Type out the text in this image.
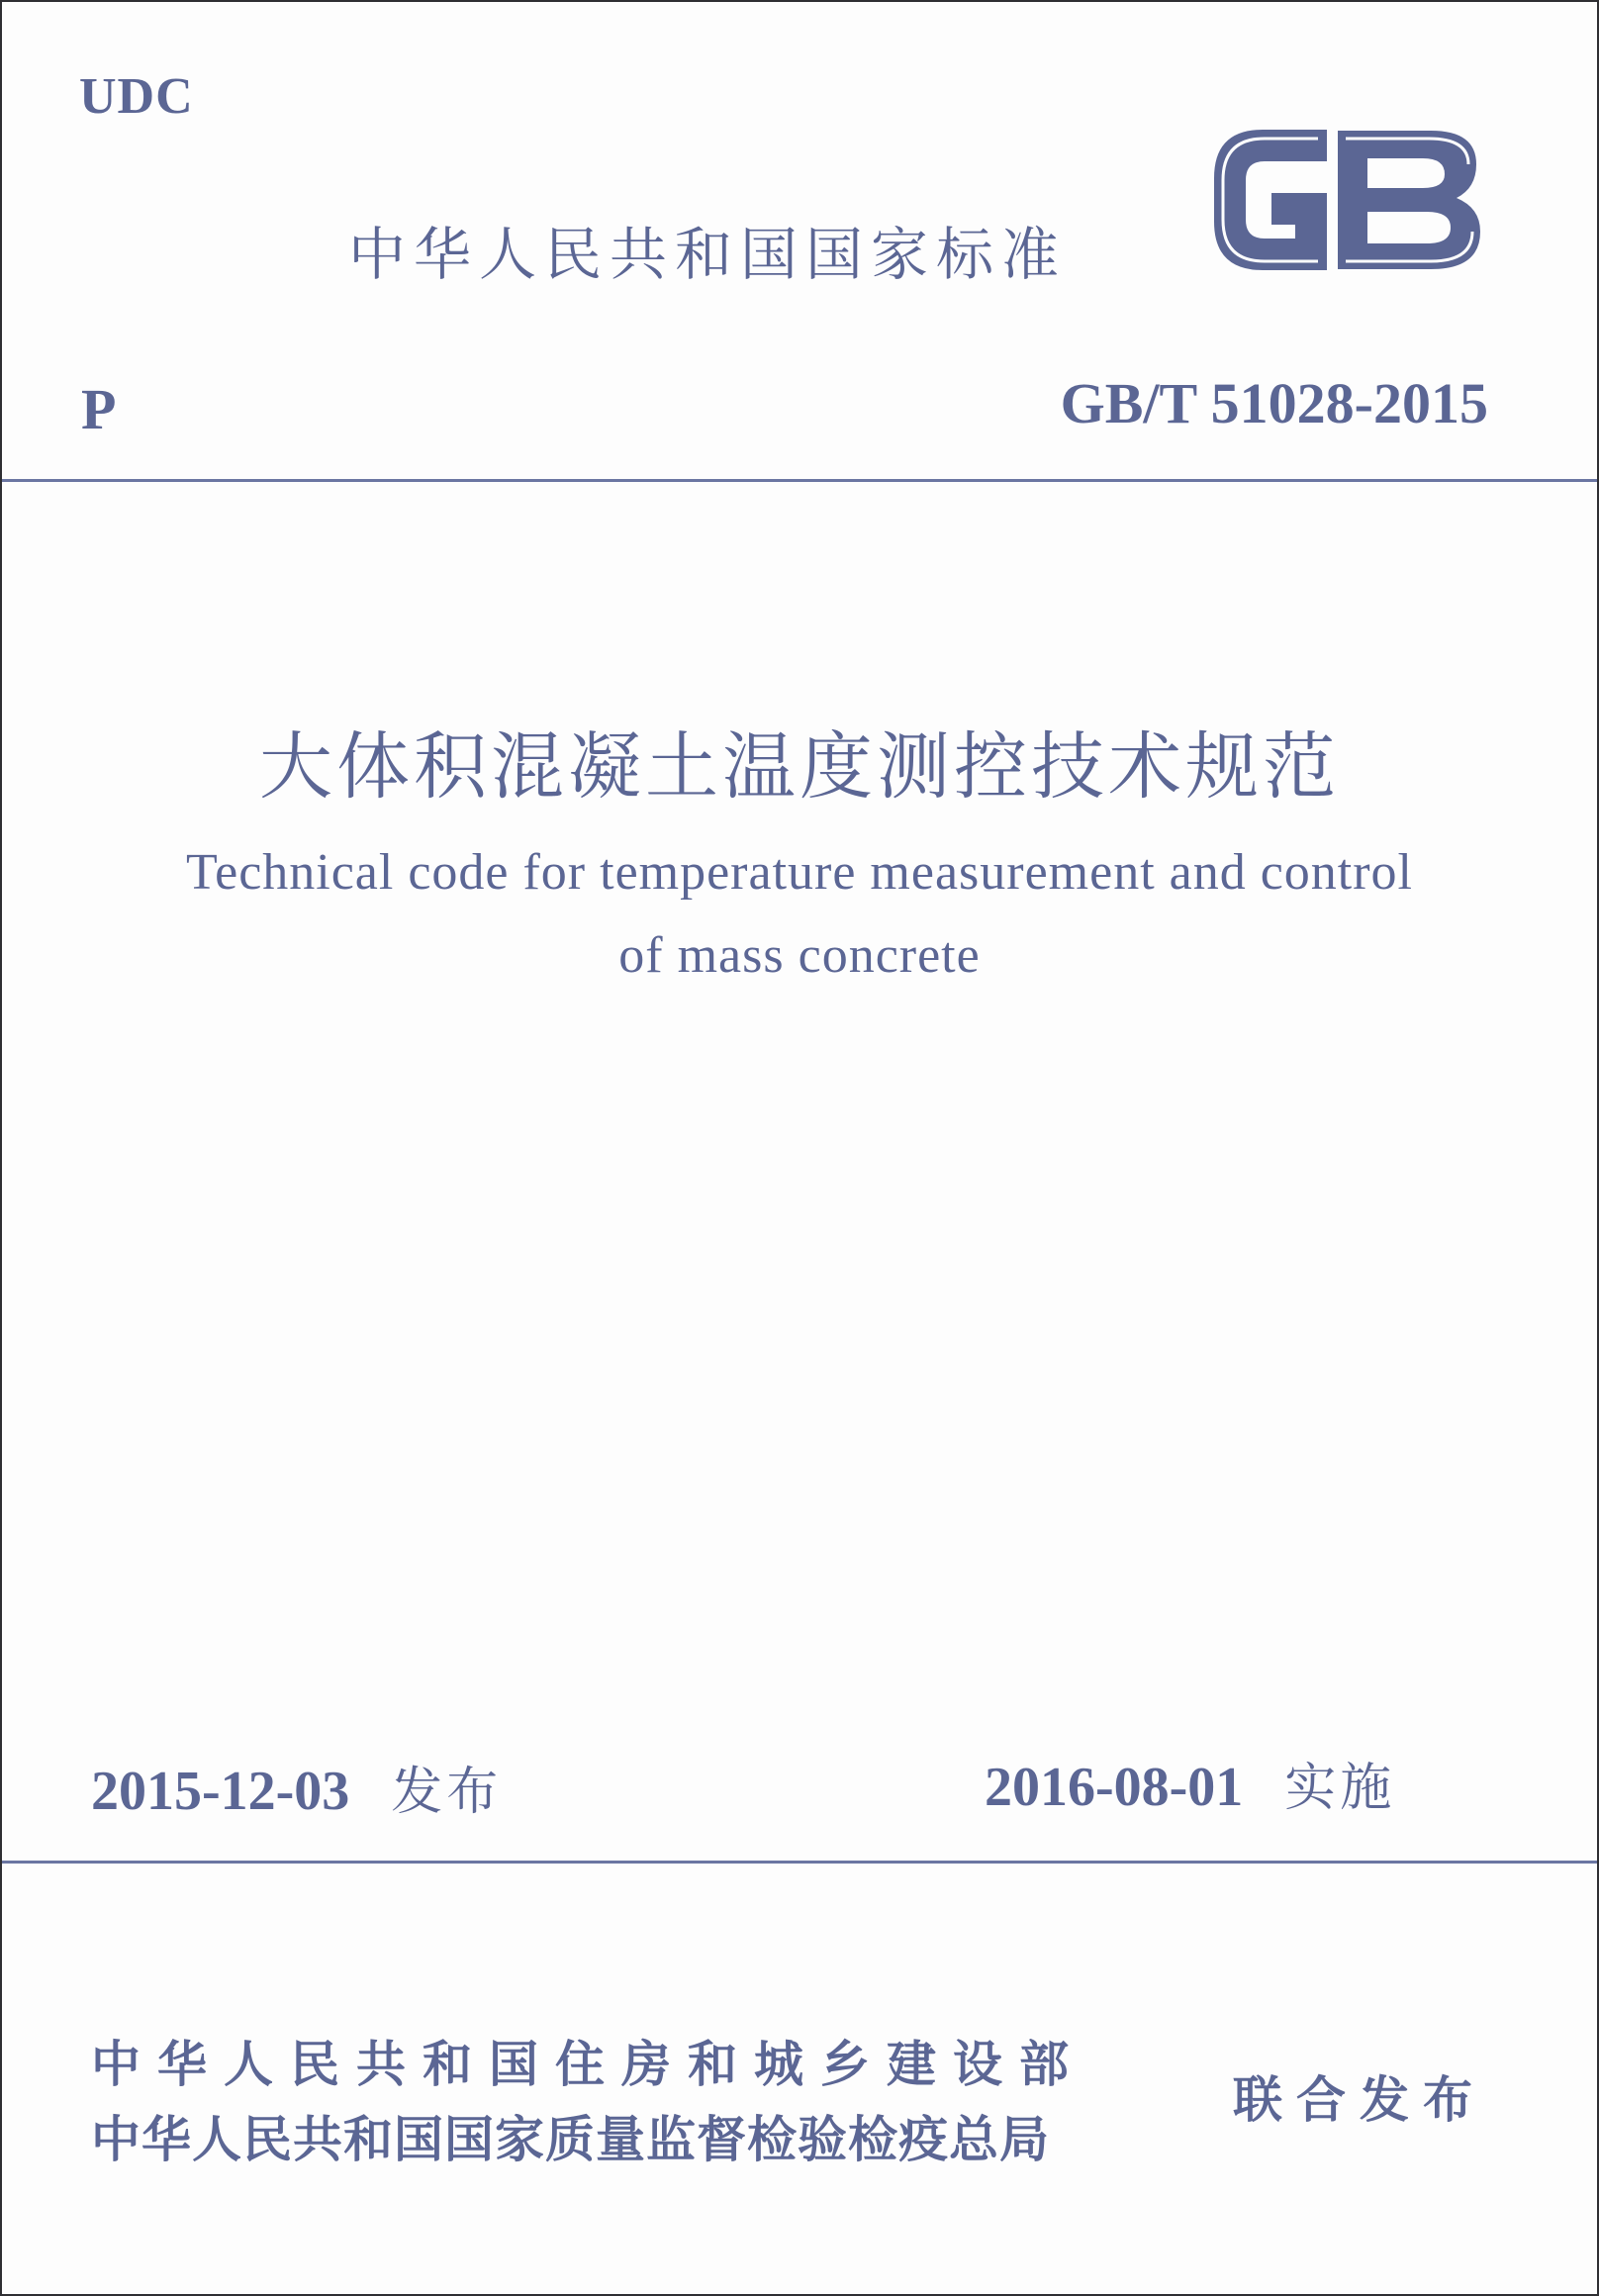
UDC
中华人民共和国国家标准
P	GB/T 51028-2015
大体积混凝土温度测控技术规范
Technical code for temperature measurement and control
of mass concrete
2015-12-03 发布	2016-08-01 实施
中华人民共和国住房和城乡建设部
中华人民共和国国家质量监督检验检疫总局
联合发布
